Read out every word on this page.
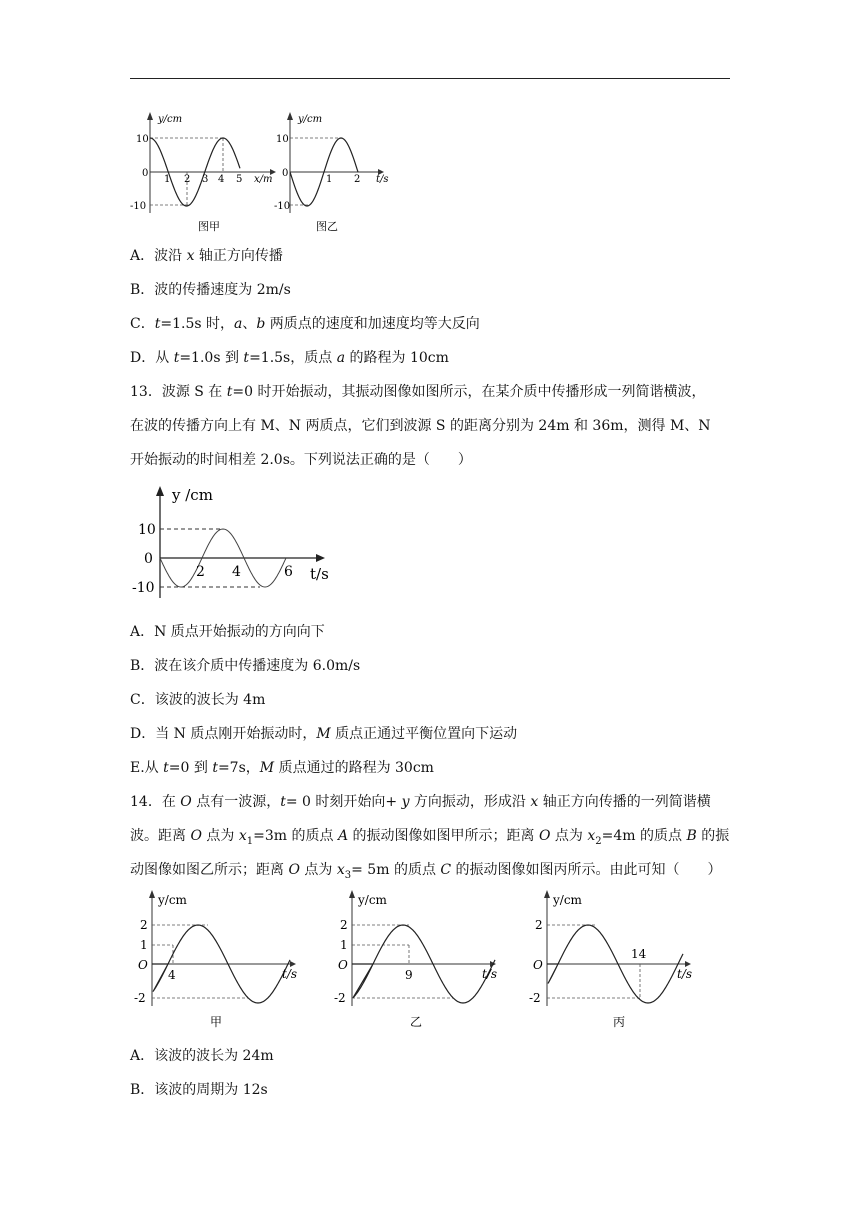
y/cm
10
0
-10
1 2 3 4 5 x/m
图甲
y/cm
10
0
-10
1 2 t/s
图乙
A．波沿 x 轴正方向传播
B．波的传播速度为 2m/s
C．t=1.5s 时，a、b 两质点的速度和加速度均等大反向
D．从 t=1.0s 到 t=1.5s，质点 a 的路程为 10cm
13．波源 S 在 t=0 时开始振动，其振动图像如图所示，在某介质中传播形成一列简谐横波，
在波的传播方向上有 M、N 两质点，它们到波源 S 的距离分别为 24m 和 36m，测得 M、N
开始振动的时间相差 2.0s。下列说法正确的是（　　）
y /cm
10
0
-10
2 4	6 t/s
A．N 质点开始振动的方向向下
B．波在该介质中传播速度为 6.0m/s
C．该波的波长为 4m
D．当 N 质点刚开始振动时，M 质点正通过平衡位置向下运动
E.从 t=0 到 t=7s，M 质点通过的路程为 30cm
14．在 O 点有一波源，t= 0 时刻开始向+ y 方向振动，形成沿 x 轴正方向传播的一列简谐横
波。距离 O 点为 $x_1=3m$ 的质点 A 的振动图像如图甲所示；距离 O 点为 $x_2=4m$ 的质点 B 的振
动图像如图乙所示；距离 O 点为 $x_3= 5m$ 的质点 C 的振动图像如图丙所示。由此可知（　　）
y/cm
2
1
O
-2
4	t/s
甲
y/cm
2
1
O
-2
9	t/s
乙
y/cm
2
O
-2
14
t/s
丙
A．该波的波长为 24m
B．该波的周期为 12s
